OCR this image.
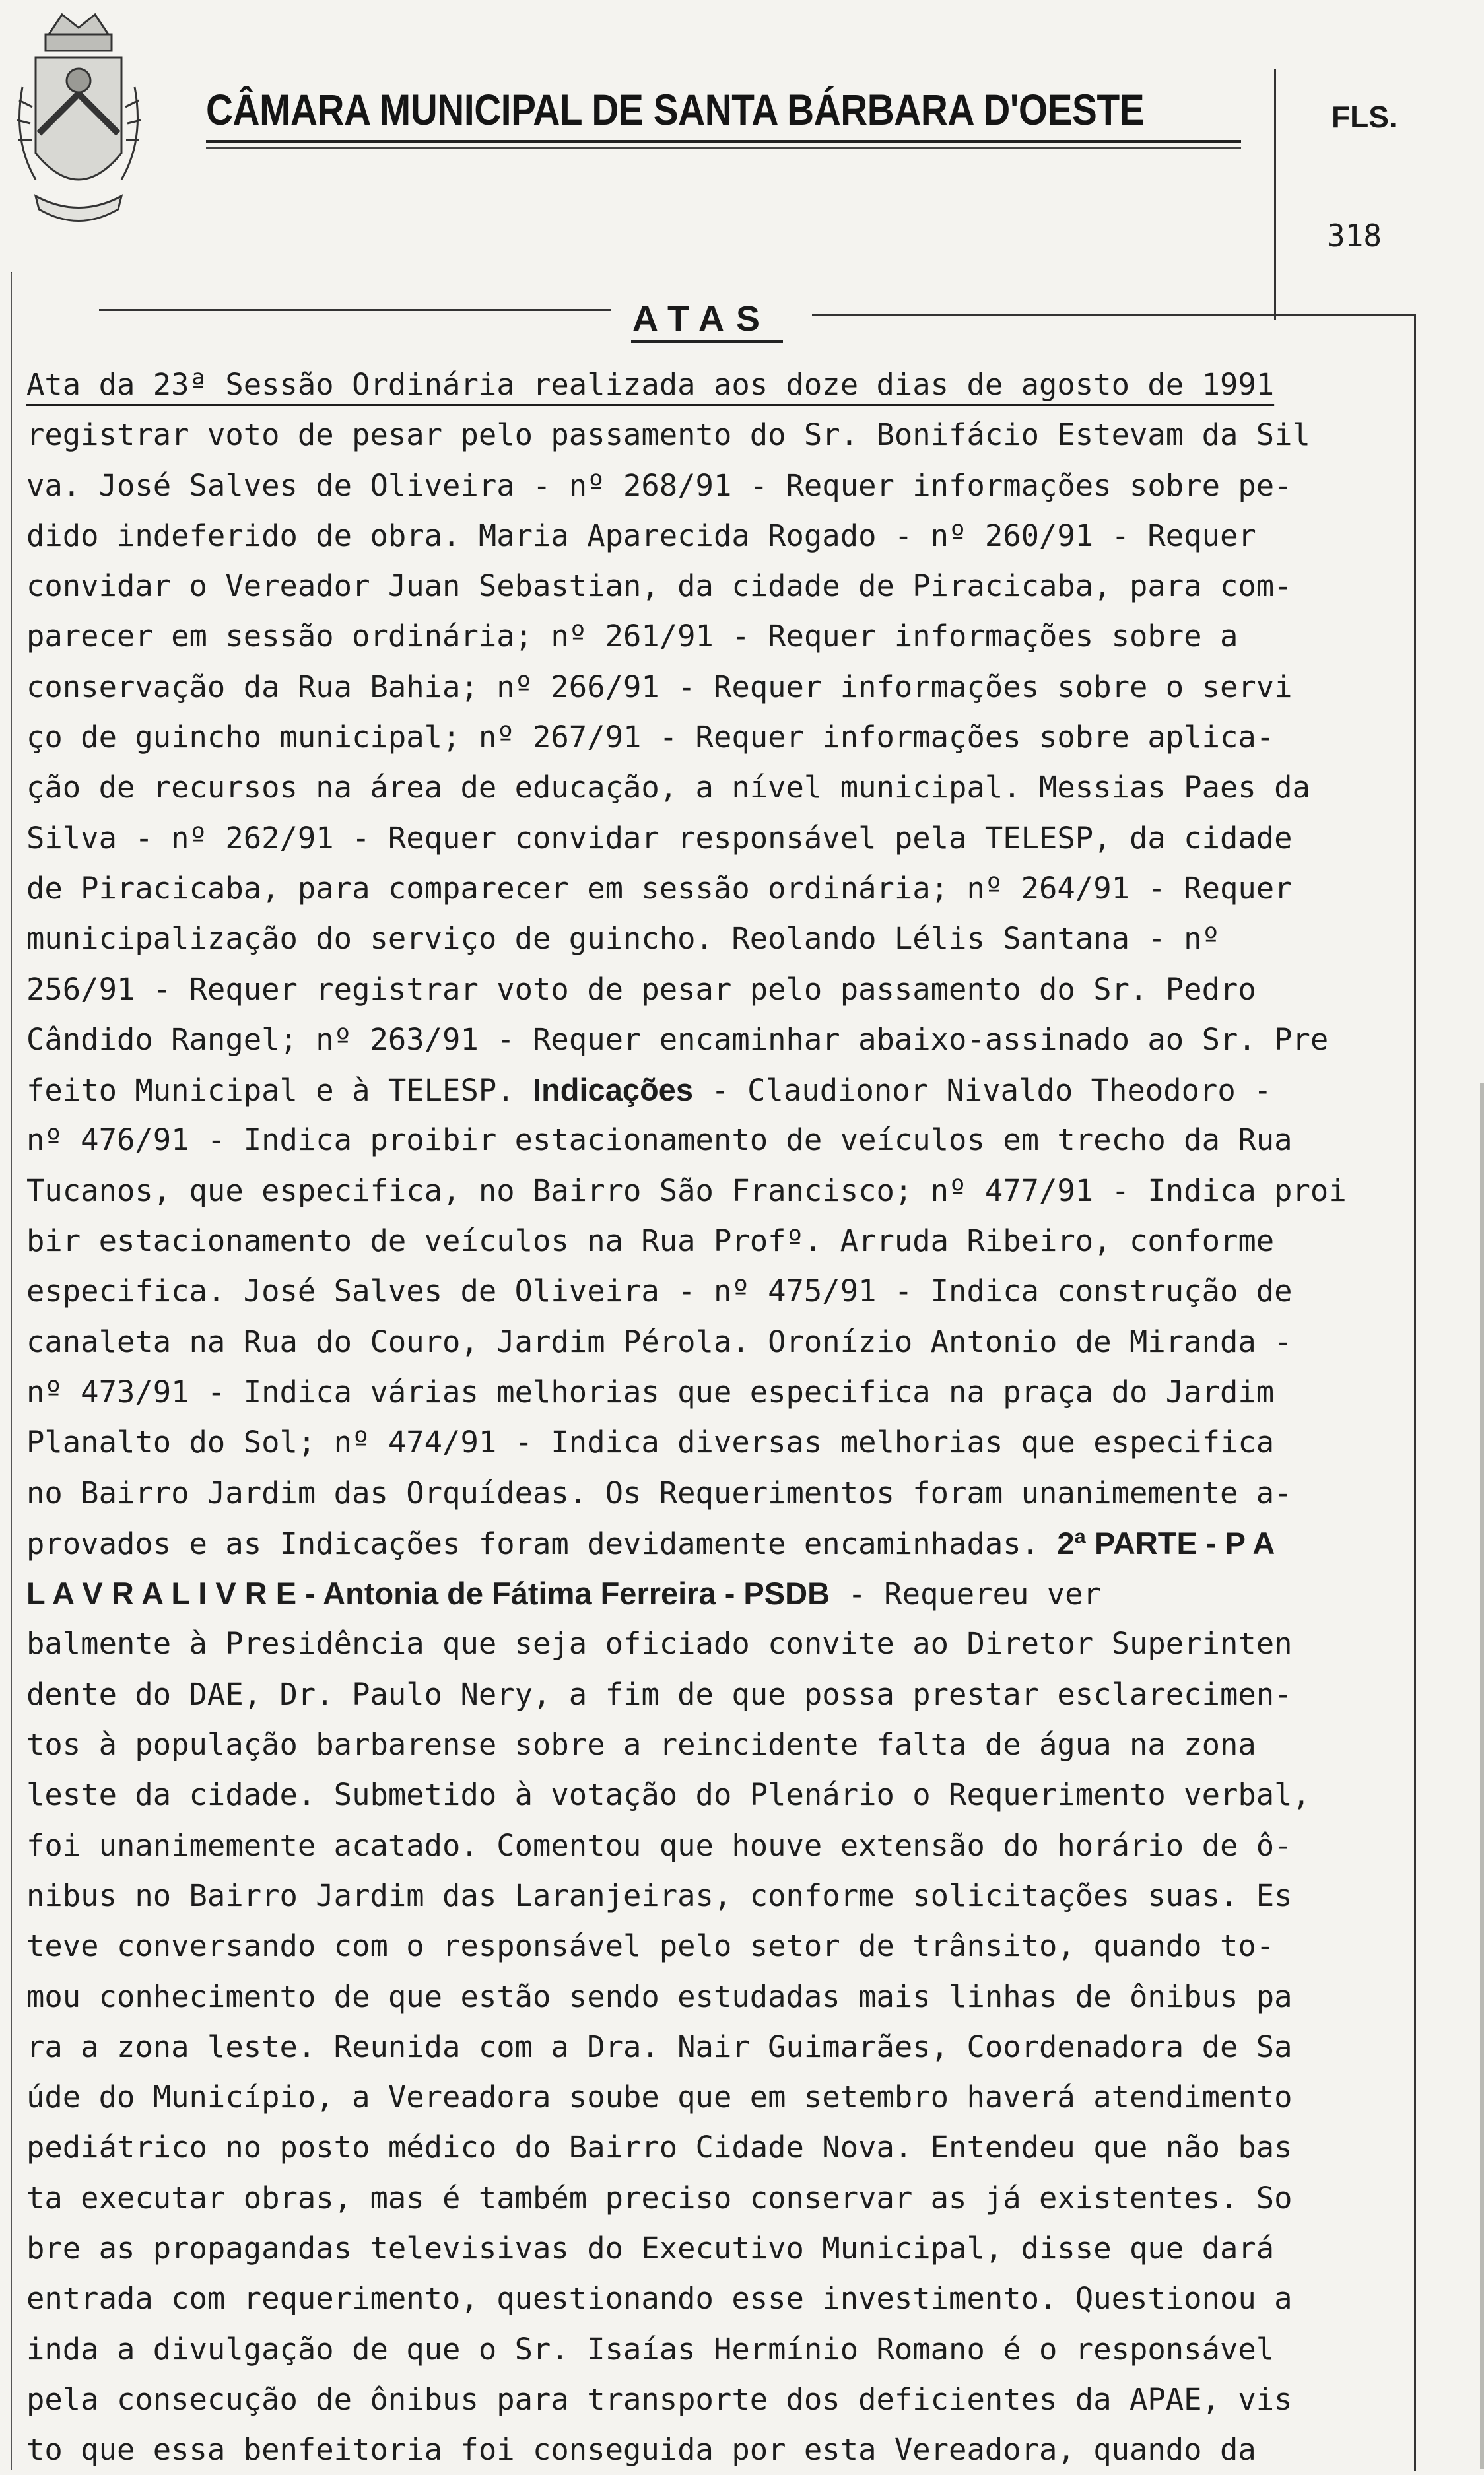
CÂMARA MUNICIPAL DE SANTA BÁRBARA D'OESTE	FLS.
318
ATAS
Ata da 23ª Sessão Ordinária realizada aos doze dias de agosto de 1991
registrar voto de pesar pelo passamento do Sr. Bonifácio Estevam da Sil
va. José Salves de Oliveira - nº 268/91 - Requer informações sobre pe-
dido indeferido de obra. Maria Aparecida Rogado - nº 260/91 - Requer
convidar o Vereador Juan Sebastian, da cidade de Piracicaba, para com-
parecer em sessão ordinária; nº 261/91 - Requer informações sobre a
conservação da Rua Bahia; nº 266/91 - Requer informações sobre o servi
ço de guincho municipal; nº 267/91 - Requer informações sobre aplica-
ção de recursos na área de educação, a nível municipal. Messias Paes da
Silva - nº 262/91 - Requer convidar responsável pela TELESP, da cidade
de Piracicaba, para comparecer em sessão ordinária; nº 264/91 - Requer
municipalização do serviço de guincho. Reolando Lélis Santana - nº
256/91 - Requer registrar voto de pesar pelo passamento do Sr. Pedro
Cândido Rangel; nº 263/91 - Requer encaminhar abaixo-assinado ao Sr. Pre
feito Municipal e à TELESP. Indicações - Claudionor Nivaldo Theodoro -
nº 476/91 - Indica proibir estacionamento de veículos em trecho da Rua
Tucanos, que especifica, no Bairro São Francisco; nº 477/91 - Indica proi
bir estacionamento de veículos na Rua Profº. Arruda Ribeiro, conforme
especifica. José Salves de Oliveira - nº 475/91 - Indica construção de
canaleta na Rua do Couro, Jardim Pérola. Oronízio Antonio de Miranda -
nº 473/91 - Indica várias melhorias que especifica na praça do Jardim
Planalto do Sol; nº 474/91 - Indica diversas melhorias que especifica
no Bairro Jardim das Orquídeas. Os Requerimentos foram unanimemente a-
provados e as Indicações foram devidamente encaminhadas. 2ª PARTE - P A
L A V R A L I V R E - Antonia de Fátima Ferreira - PSDB - Requereu ver
balmente à Presidência que seja oficiado convite ao Diretor Superinten
dente do DAE, Dr. Paulo Nery, a fim de que possa prestar esclarecimen-
tos à população barbarense sobre a reincidente falta de água na zona
leste da cidade. Submetido à votação do Plenário o Requerimento verbal,
foi unanimemente acatado. Comentou que houve extensão do horário de ô-
nibus no Bairro Jardim das Laranjeiras, conforme solicitações suas. Es
teve conversando com o responsável pelo setor de trânsito, quando to-
mou conhecimento de que estão sendo estudadas mais linhas de ônibus pa
ra a zona leste. Reunida com a Dra. Nair Guimarães, Coordenadora de Sa
úde do Município, a Vereadora soube que em setembro haverá atendimento
pediátrico no posto médico do Bairro Cidade Nova. Entendeu que não bas
ta executar obras, mas é também preciso conservar as já existentes. So
bre as propagandas televisivas do Executivo Municipal, disse que dará
entrada com requerimento, questionando esse investimento. Questionou a
inda a divulgação de que o Sr. Isaías Hermínio Romano é o responsável
pela consecução de ônibus para transporte dos deficientes da APAE, vis
to que essa benfeitoria foi conseguida por esta Vereadora, quando da
